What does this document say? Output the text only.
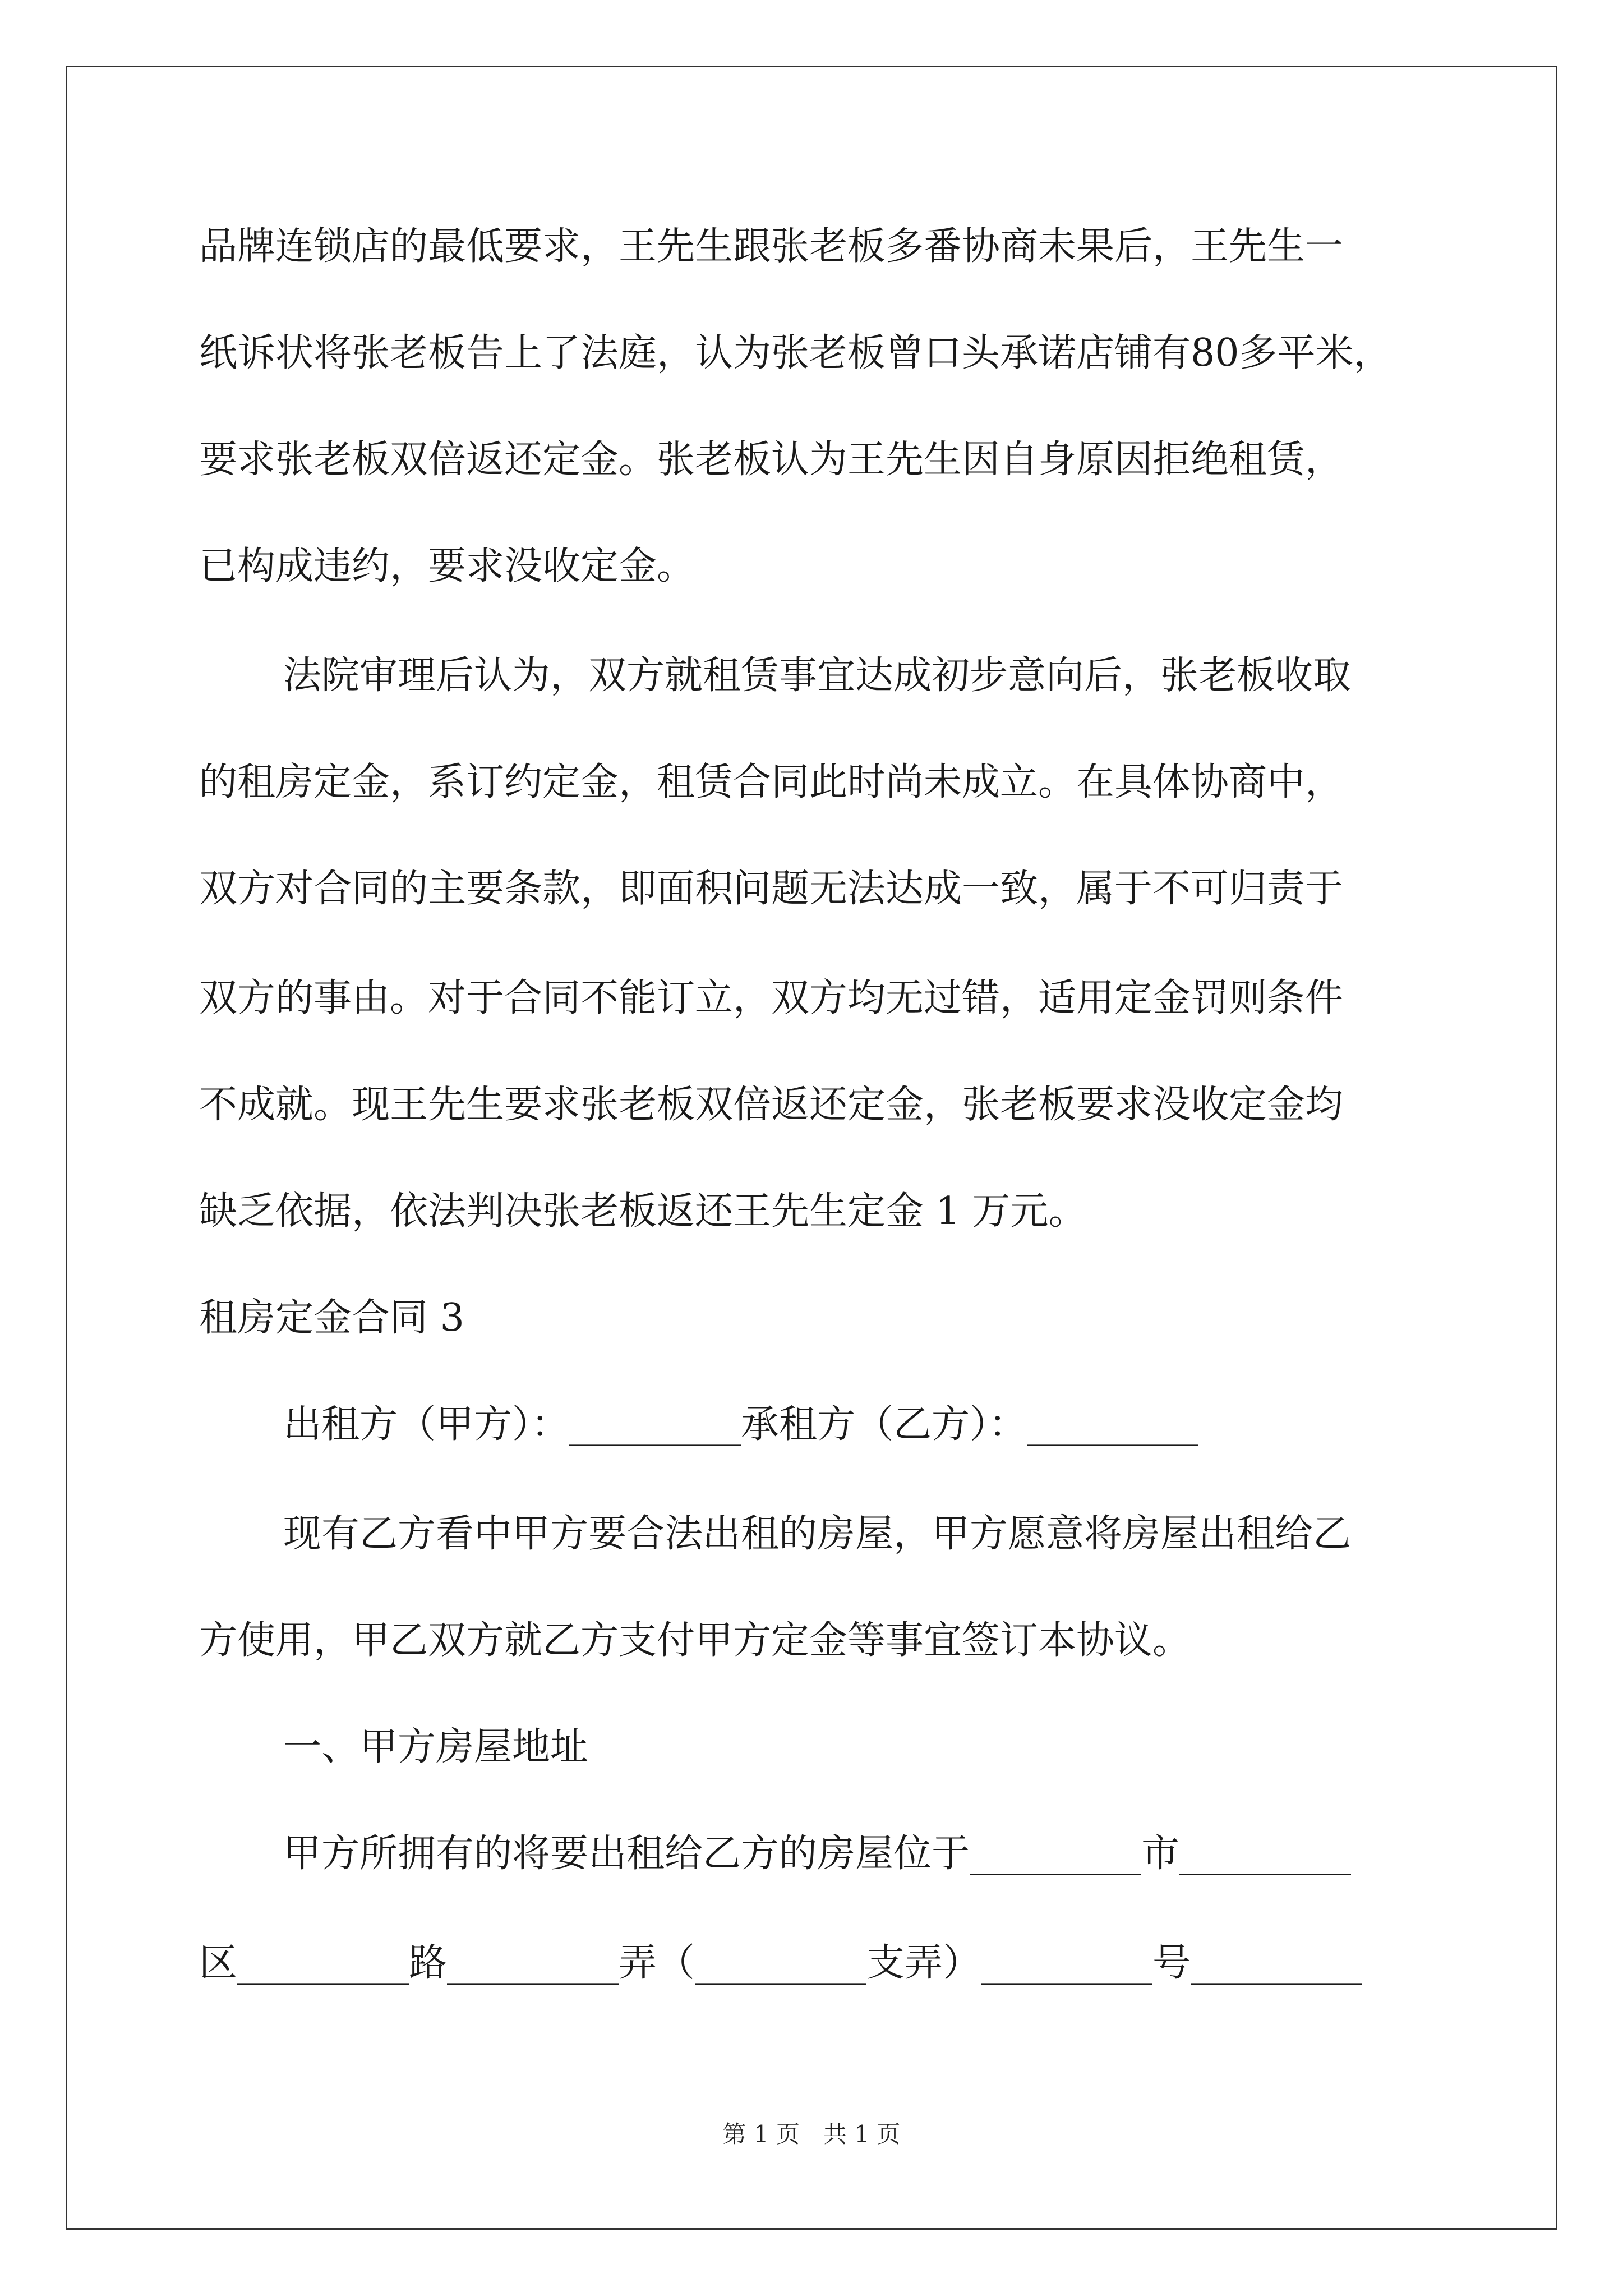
品牌连锁店的最低要求，王先生跟张老板多番协商未果后，王先生一

纸诉状将张老板告上了法庭，认为张老板曾口头承诺店铺有80多平米，

要求张老板双倍返还定金。张老板认为王先生因自身原因拒绝租赁，

已构成违约，要求没收定金。

法院审理后认为，双方就租赁事宜达成初步意向后，张老板收取

的租房定金，系订约定金，租赁合同此时尚未成立。在具体协商中，

双方对合同的主要条款，即面积问题无法达成一致，属于不可归责于

双方的事由。对于合同不能订立，双方均无过错，适用定金罚则条件

不成就。现王先生要求张老板双倍返还定金，张老板要求没收定金均

缺乏依据，依法判决张老板返还王先生定金 1 万元。

租房定金合同 3

出租方（甲方）：_________承租方（乙方）：_________

现有乙方看中甲方要合法出租的房屋，甲方愿意将房屋出租给乙

方使用，甲乙双方就乙方支付甲方定金等事宜签订本协议。

一、甲方房屋地址

甲方所拥有的将要出租给乙方的房屋位于_________市_________

区_________路_________弄（_________支弄）_________号_________

第 1 页　共 1 页
